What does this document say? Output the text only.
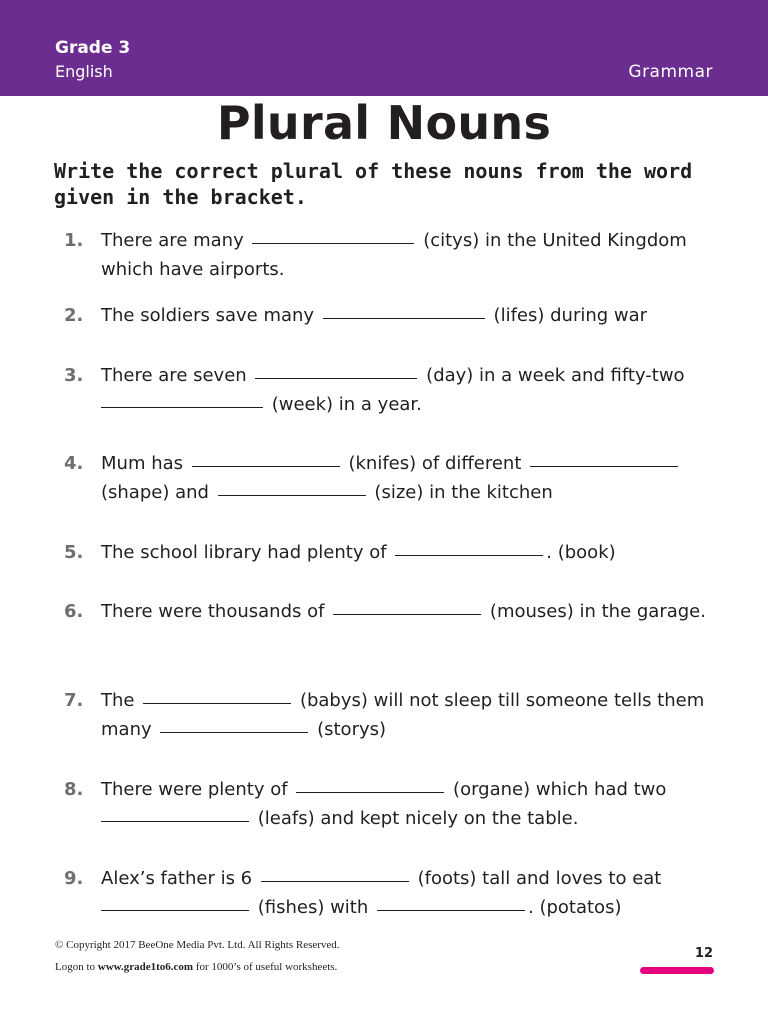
Grade 3
English	Grammar
Plural Nouns
Write the correct plural of these nouns from the word given in the bracket.
1. There are many	(citys) in the United Kingdom which have airports.
2. The soldiers save many	(lifes) during war
3. There are seven	(day) in a week and fifty-two
(week) in a year.
4. Mum has	(knifes) of different
(shape) and	(size) in the kitchen
5. The school library had plenty of	. (book)
6. There were thousands of	(mouses) in the garage.
7. The	(babys) will not sleep till someone tells them many	(storys)
8. There were plenty of	(organe) which had two
(leafs) and kept nicely on the table.
9. Alex’s father is 6	(foots) tall and loves to eat
(fishes) with	. (potatos)
© Copyright 2017 BeeOne Media Pvt. Ltd. All Rights Reserved.
Logon to www.grade1to6.com for 1000’s of useful worksheets.
12
